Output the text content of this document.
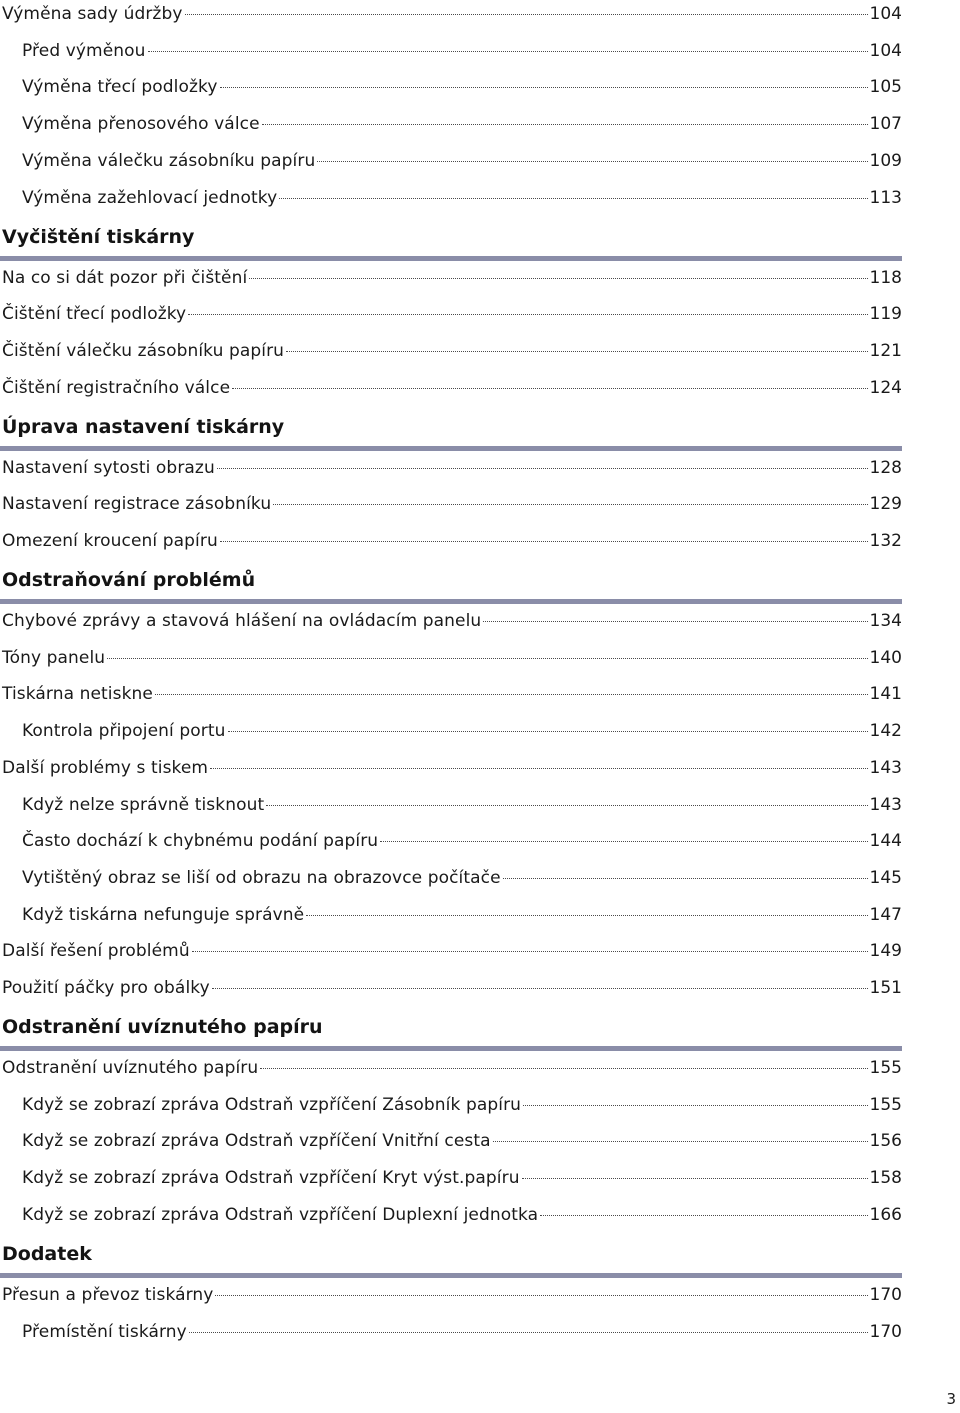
Výměna sady údržby	104
Před výměnou	104
Výměna třecí podložky	105
Výměna přenosového válce	107
Výměna válečku zásobníku papíru	109
Výměna zažehlovací jednotky	113
Vyčištění tiskárny
Na co si dát pozor při čištění	118
Čištění třecí podložky	119
Čištění válečku zásobníku papíru	121
Čištění registračního válce	124
Úprava nastavení tiskárny
Nastavení sytosti obrazu	128
Nastavení registrace zásobníku	129
Omezení kroucení papíru	132
Odstraňování problémů
Chybové zprávy a stavová hlášení na ovládacím panelu	134
Tóny panelu	140
Tiskárna netiskne	141
Kontrola připojení portu	142
Další problémy s tiskem	143
Když nelze správně tisknout	143
Často dochází k chybnému podání papíru	144
Vytištěný obraz se liší od obrazu na obrazovce počítače	145
Když tiskárna nefunguje správně	147
Další řešení problémů	149
Použití páčky pro obálky	151
Odstranění uvíznutého papíru
Odstranění uvíznutého papíru	155
Když se zobrazí zpráva Odstraň vzpříčení Zásobník papíru	155
Když se zobrazí zpráva Odstraň vzpříčení Vnitřní cesta	156
Když se zobrazí zpráva Odstraň vzpříčení Kryt výst.papíru	158
Když se zobrazí zpráva Odstraň vzpříčení Duplexní jednotka	166
Dodatek
Přesun a převoz tiskárny	170
Přemístění tiskárny	170
3
